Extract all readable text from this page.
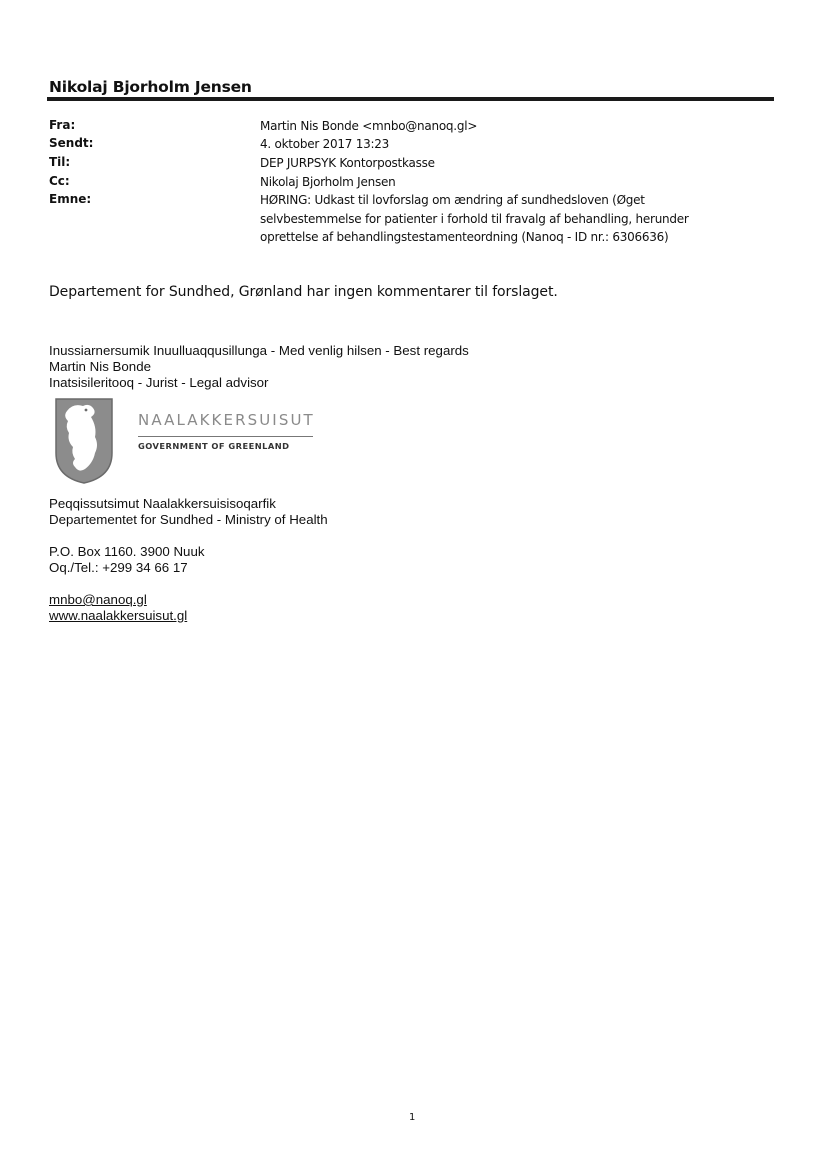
Nikolaj Bjorholm Jensen
Fra:	Martin Nis Bonde <mnbo@nanoq.gl>
Sendt:	4. oktober 2017 13:23
Til:	DEP JURPSYK Kontorpostkasse
Cc:	Nikolaj Bjorholm Jensen
Emne:	HØRING: Udkast til lovforslag om ændring af sundhedsloven (Øget selvbestemmelse for patienter i forhold til fravalg af behandling, herunder oprettelse af behandlingstestamenteordning (Nanoq - ID nr.: 6306636)
Departement for Sundhed, Grønland har ingen kommentarer til forslaget.
Inussiarnersumik Inuulluaqqusillunga - Med venlig hilsen - Best regards
Martin Nis Bonde
Inatsisileritooq - Jurist - Legal advisor
NAALAKKERSUISUT
GOVERNMENT OF GREENLAND
Peqqissutsimut Naalakkersuisisoqarfik
Departementet for Sundhed - Ministry of Health
P.O. Box 1160. 3900 Nuuk
Oq./Tel.: +299 34 66 17
mnbo@nanoq.gl
www.naalakkersuisut.gl
1
